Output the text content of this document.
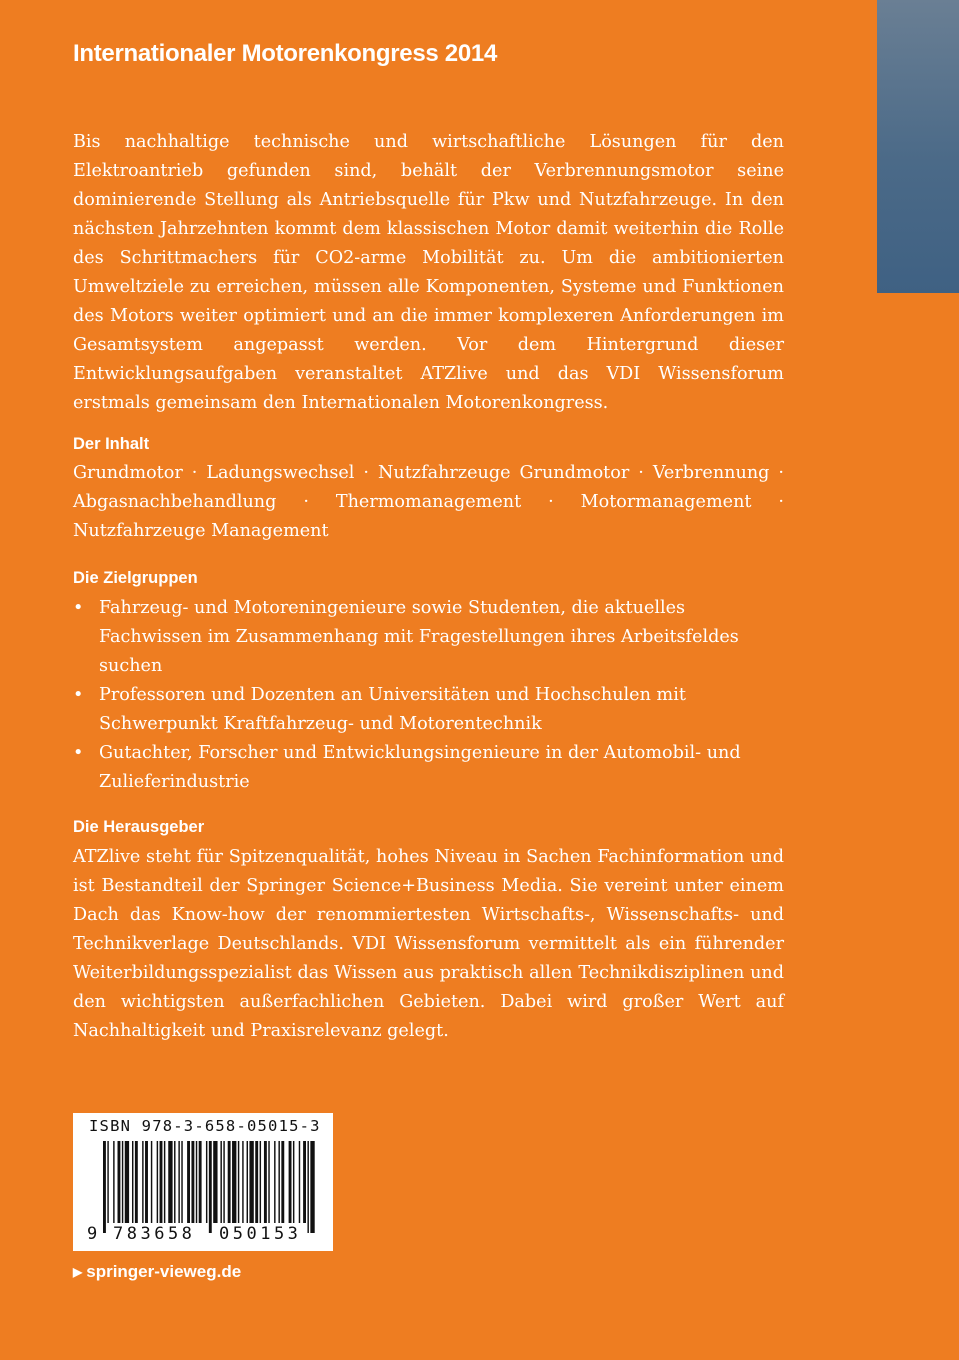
Internationaler Motorenkongress 2014

Bis nachhaltige technische und wirtschaftliche Lösungen für den Elektroantrieb gefunden sind, behält der Verbrennungsmotor seine dominierende Stellung als Antriebsquelle für Pkw und Nutzfahrzeuge. In den nächsten Jahrzehnten kommt dem klassischen Motor damit weiterhin die Rolle des Schrittmachers für CO2-arme Mobilität zu. Um die ambitionierten Umweltziele zu erreichen, müssen alle Komponenten, Systeme und Funktionen des Motors weiter optimiert und an die immer komplexeren Anforderungen im Gesamtsystem angepasst werden. Vor dem Hintergrund dieser Entwicklungsaufgaben veranstaltet ATZlive und das VDI Wissensforum erstmals gemeinsam den Internationalen Motorenkongress.

Der Inhalt

Grundmotor · Ladungswechsel · Nutzfahrzeuge Grundmotor · Verbrennung · Abgasnachbehandlung · Thermomanagement · Motormanagement · Nutzfahrzeuge Management

Die Zielgruppen
• Fahrzeug- und Motoreningenieure sowie Studenten, die aktuelles Fachwissen im Zusammenhang mit Fragestellungen ihres Arbeitsfeldes suchen
• Professoren und Dozenten an Universitäten und Hochschulen mit Schwerpunkt Kraftfahrzeug- und Motorentechnik
• Gutachter, Forscher und Entwicklungsingenieure in der Automobil- und Zulieferindustrie
Die Herausgeber

ATZlive steht für Spitzenqualität, hohes Niveau in Sachen Fachinformation und ist Bestandteil der Springer Science+Business Media. Sie vereint unter einem Dach das Know-how der renommiertesten Wirtschafts-, Wissenschafts- und Technikverlage Deutschlands. VDI Wissensforum vermittelt als ein führender Weiterbildungsspezialist das Wissen aus praktisch allen Technikdisziplinen und den wichtigsten außerfachlichen Gebieten. Dabei wird großer Wert auf Nachhaltigkeit und Praxisrelevanz gelegt.

ISBN 978-3-658-05015-3
9 783658 050153
▶ springer-vieweg.de
